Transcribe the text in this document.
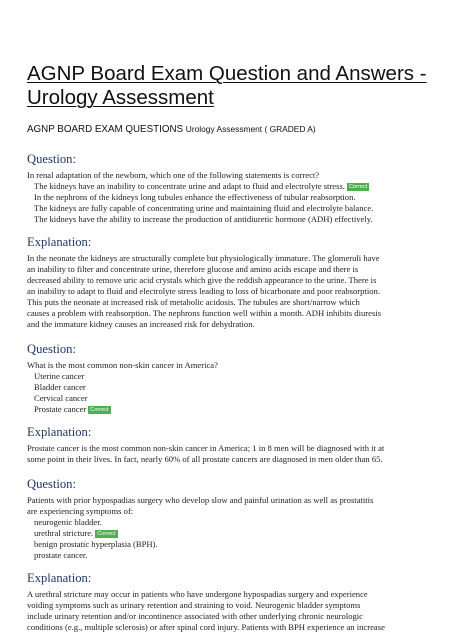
AGNP Board Exam Question and Answers - Urology Assessment
AGNP BOARD EXAM QUESTIONS Urology Assessment ( GRADED A)
Question:

In renal adaptation of the newborn, which one of the following statements is correct?

The kidneys have an inability to concentrate urine and adapt to fluid and electrolyte stress. Correct

In the nephrons of the kidneys long tubules enhance the effectiveness of tubular reabsorption.

The kidneys are fully capable of concentrating urine and maintaining fluid and electrolyte balance.

The kidneys have the ability to increase the production of antidiuretic hormone (ADH) effectively.

Explanation:

In the neonate the kidneys are structurally complete but physiologically immature. The glomeruli have

an inability to filter and concentrate urine, therefore glucose and amino acids escape and there is

decreased ability to remove uric acid crystals which give the reddish appearance to the urine. There is

an inability to adapt to fluid and electrolyte stress leading to loss of bicarbonate and poor reabsorption.

This puts the neonate at increased risk of metabolic acidosis. The tubules are short/narrow which

causes a problem with reabsorption. The nephrons function well within a month. ADH inhibits diuresis

and the immature kidney causes an increased risk for dehydration.

Question:

What is the most common non-skin cancer in America?

Uterine cancer

Bladder cancer

Cervical cancer

Prostate cancer Correct

Explanation:

Prostate cancer is the most common non-skin cancer in America; 1 in 8 men will be diagnosed with it at

some point in their lives. In fact, nearly 60% of all prostate cancers are diagnosed in men older than 65.

Question:

Patients with prior hypospadias surgery who develop slow and painful urination as well as prostatitis

are experiencing symptoms of:

neurogenic bladder.

urethral stricture. Correct

benign prostatic hyperplasia (BPH).

prostate cancer.

Explanation:

A urethral stricture may occur in patients who have undergone hypospadias surgery and experience

voiding symptoms such as urinary retention and straining to void. Neurogenic bladder symptoms

include urinary retention and/or incontinence associated with other underlying chronic neurologic

conditions (e.g., multiple sclerosis) or after spinal cord injury. Patients with BPH experience an increase
